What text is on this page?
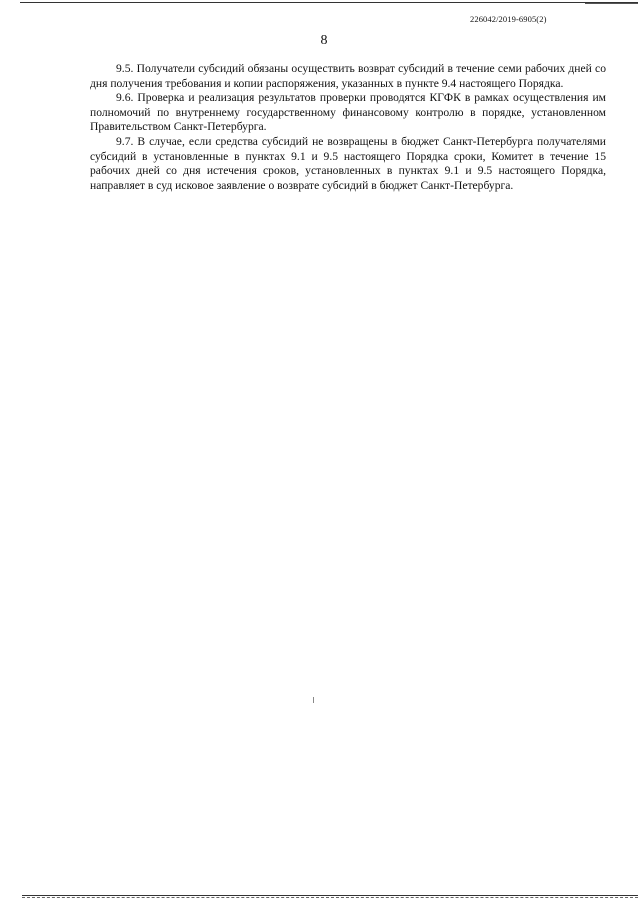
226042/2019-6905(2)
8

9.5. Получатели субсидий обязаны осуществить возврат субсидий в течение семи рабочих дней со дня получения требования и копии распоряжения, указанных в пункте 9.4 настоящего Порядка.

9.6. Проверка и реализация результатов проверки проводятся КГФК в рамках осуществления им полномочий по внутреннему государственному финансовому контролю в порядке, установленном Правительством Санкт-Петербурга.

9.7. В случае, если средства субсидий не возвращены в бюджет Санкт-Петербурга получателями субсидий в установленные в пунктах 9.1 и 9.5 настоящего Порядка сроки, Комитет в течение 15 рабочих дней со дня истечения сроков, установленных в пунктах 9.1 и 9.5 настоящего Порядка, направляет в суд исковое заявление о возврате субсидий в бюджет Санкт-Петербурга.
